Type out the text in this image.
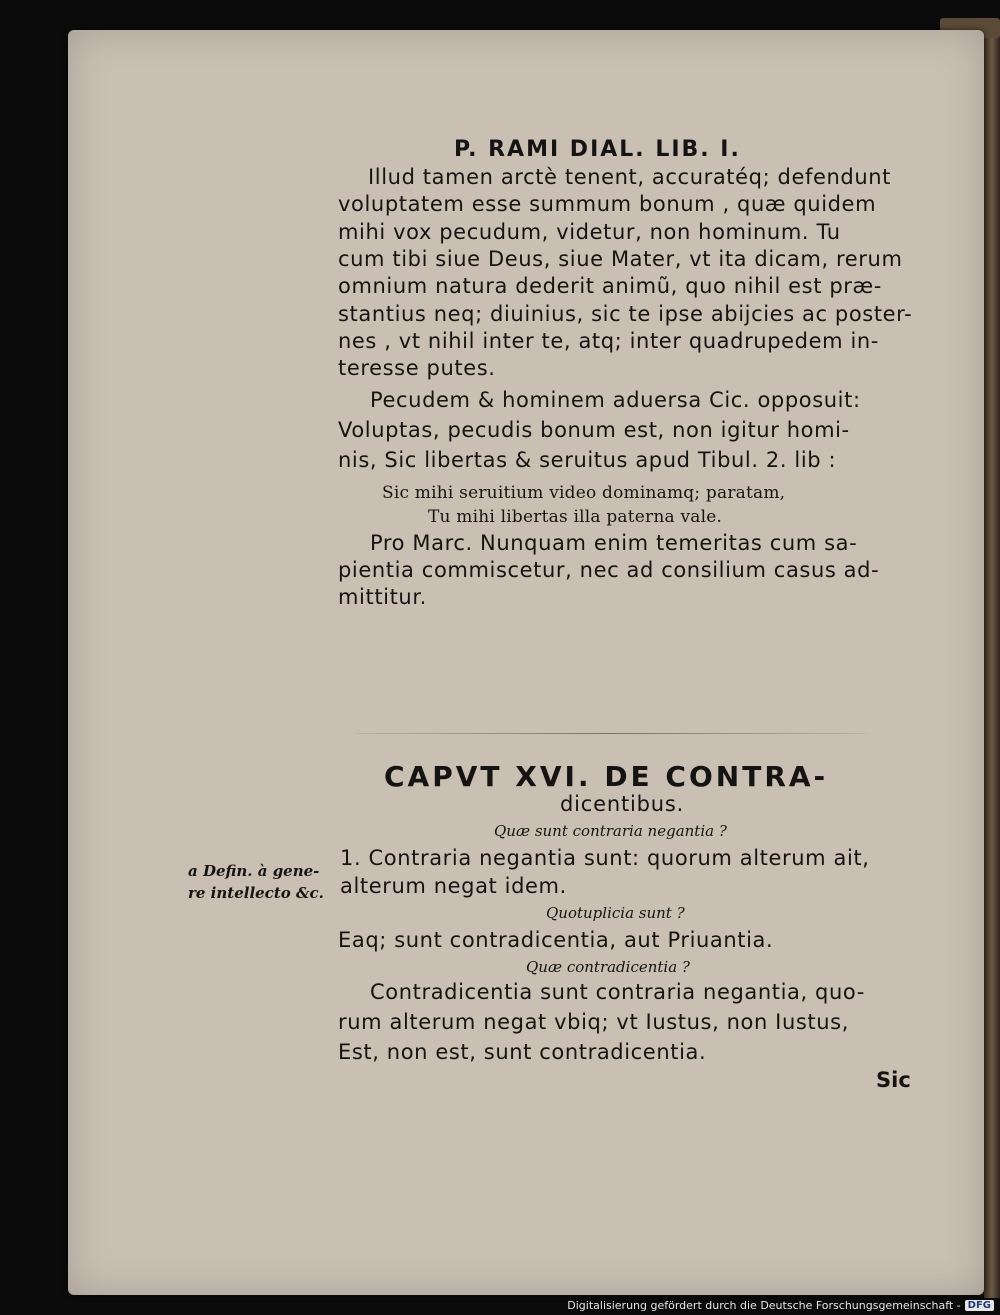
P. RAMI DIAL. LIB. I.
Illud tamen arctè tenent, accuratéq; defendunt
voluptatem esse summum bonum , quæ quidem
mihi vox pecudum, videtur, non hominum. Tu
cum tibi siue Deus, siue Mater, vt ita dicam, rerum
omnium natura dederit animũ, quo nihil est præ-
stantius neq; diuinius, sic te ipse abijcies ac poster-
nes , vt nihil inter te, atq; inter quadrupedem in-
teresse putes.
Pecudem & hominem aduersa Cic. opposuit:
Voluptas, pecudis bonum est, non igitur homi-
nis, Sic libertas & seruitus apud Tibul. 2. lib :
Sic mihi seruitium video dominamq; paratam,
Tu mihi libertas illa paterna vale.
Pro Marc. Nunquam enim temeritas cum sa-
pientia commiscetur, nec ad consilium casus ad-
mittitur.
CAPVT XVI. DE CONTRA-
dicentibus.
Quæ sunt contraria negantia ?
a Defin. à gene-
re intellecto &c.
1. Contraria negantia sunt: quorum alterum ait,
alterum negat idem.
Quotuplicia sunt ?
Eaq; sunt contradicentia, aut Priuantia.
Quæ contradicentia ?
Contradicentia sunt contraria negantia, quo-
rum alterum negat vbiq; vt Iustus, non Iustus,
Est, non est, sunt contradicentia.
Sic
Digitalisierung gefördert durch die Deutsche Forschungsgemeinschaft - DFG
